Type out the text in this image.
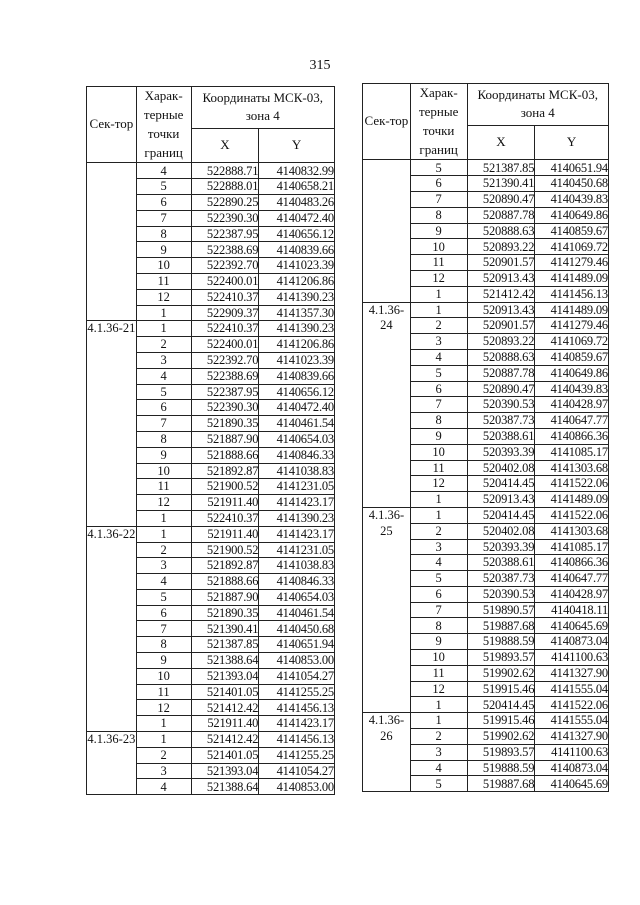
315
Сек-тор	Харак-терные точки границ	Координаты МСК-03, зона 4	
		X	Y
	4	522888.71	4140832.99
	5	522888.01	4140658.21
	6	522890.25	4140483.26
	7	522390.30	4140472.40
	8	522387.95	4140656.12
	9	522388.69	4140839.66
	10	522392.70	4141023.39
	11	522400.01	4141206.86
	12	522410.37	4141390.23
	1	522909.37	4141357.30
4.1.36-21	1	522410.37	4141390.23
	2	522400.01	4141206.86
	3	522392.70	4141023.39
	4	522388.69	4140839.66
	5	522387.95	4140656.12
	6	522390.30	4140472.40
	7	521890.35	4140461.54
	8	521887.90	4140654.03
	9	521888.66	4140846.33
	10	521892.87	4141038.83
	11	521900.52	4141231.05
	12	521911.40	4141423.17
	1	522410.37	4141390.23
4.1.36-22	1	521911.40	4141423.17
	2	521900.52	4141231.05
	3	521892.87	4141038.83
	4	521888.66	4140846.33
	5	521887.90	4140654.03
	6	521890.35	4140461.54
	7	521390.41	4140450.68
	8	521387.85	4140651.94
	9	521388.64	4140853.00
	10	521393.04	4141054.27
	11	521401.05	4141255.25
	12	521412.42	4141456.13
	1	521911.40	4141423.17
4.1.36-23	1	521412.42	4141456.13
	2	521401.05	4141255.25
	3	521393.04	4141054.27
	4	521388.64	4140853.00
Сек-тор	Харак-терные точки границ	Координаты МСК-03, зона 4	
		X	Y
	5	521387.85	4140651.94
	6	521390.41	4140450.68
	7	520890.47	4140439.83
	8	520887.78	4140649.86
	9	520888.63	4140859.67
	10	520893.22	4141069.72
	11	520901.57	4141279.46
	12	520913.43	4141489.09
	1	521412.42	4141456.13
4.1.36-24	1	520913.43	4141489.09
	2	520901.57	4141279.46
	3	520893.22	4141069.72
	4	520888.63	4140859.67
	5	520887.78	4140649.86
	6	520890.47	4140439.83
	7	520390.53	4140428.97
	8	520387.73	4140647.77
	9	520388.61	4140866.36
	10	520393.39	4141085.17
	11	520402.08	4141303.68
	12	520414.45	4141522.06
	1	520913.43	4141489.09
4.1.36-25	1	520414.45	4141522.06
	2	520402.08	4141303.68
	3	520393.39	4141085.17
	4	520388.61	4140866.36
	5	520387.73	4140647.77
	6	520390.53	4140428.97
	7	519890.57	4140418.11
	8	519887.68	4140645.69
	9	519888.59	4140873.04
	10	519893.57	4141100.63
	11	519902.62	4141327.90
	12	519915.46	4141555.04
	1	520414.45	4141522.06
4.1.36-26	1	519915.46	4141555.04
	2	519902.62	4141327.90
	3	519893.57	4141100.63
	4	519888.59	4140873.04
	5	519887.68	4140645.69
